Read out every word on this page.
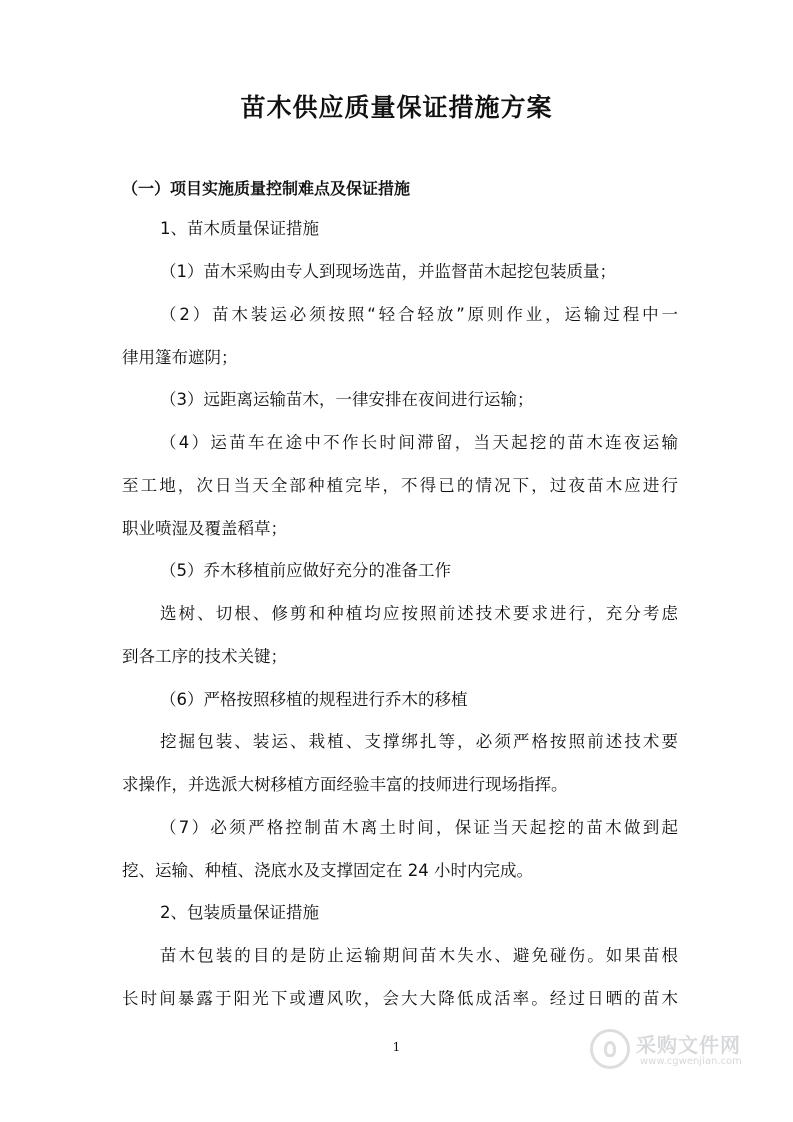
苗木供应质量保证措施方案
（一）项目实施质量控制难点及保证措施
1、苗木质量保证措施
（1）苗木采购由专人到现场选苗，并监督苗木起挖包装质量；
（2）苗木装运必须按照“轻合轻放”原则作业，运输过程中一
律用篷布遮阴；
（3）远距离运输苗木，一律安排在夜间进行运输；
（4）运苗车在途中不作长时间滞留，当天起挖的苗木连夜运输
至工地，次日当天全部种植完毕，不得已的情况下，过夜苗木应进行
职业喷湿及覆盖稻草；
（5）乔木移植前应做好充分的准备工作
选树、切根、修剪和种植均应按照前述技术要求进行，充分考虑
到各工序的技术关键；
（6）严格按照移植的规程进行乔木的移植
挖掘包装、装运、栽植、支撑绑扎等，必须严格按照前述技术要
求操作，并选派大树移植方面经验丰富的技师进行现场指挥。
（7）必须严格控制苗木离土时间，保证当天起挖的苗木做到起
挖、运输、种植、浇底水及支撑固定在 24 小时内完成。
2、包装质量保证措施
苗木包装的目的是防止运输期间苗木失水、避免碰伤。如果苗根
长时间暴露于阳光下或遭风吹，会大大降低成活率。经过日晒的苗木
1	采购文件网
www.cgwenjian.com
